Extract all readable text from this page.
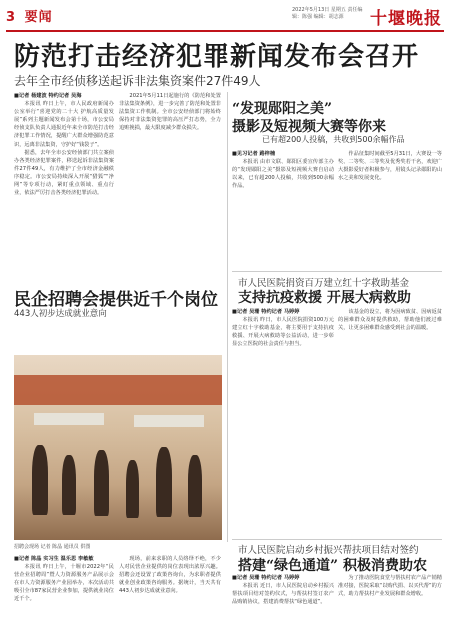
3 要闻	2022年5月13日 星期五 责任编辑：陈强 编辑：胡志源	十堰晚报
防范打击经济犯罪新闻发布会召开
去年全市经侦移送起诉非法集资案件27件49人
■记者 杨建波 特约记者 吴海
本报讯 昨日上午，市人民政府新闻办公室举行“喜迎党的二十大 护航高质量发展”系列主题新闻发布会第十场，市公安局经侦支队负责人通报近年来全市防范打击经济犯罪工作情况，提醒广大群众增强防范意识，远离非法集资，守护好“钱袋子”。
据悉，去年全市公安经侦部门共立案侦办各类经济犯罪案件，移送起诉非法集资案件27件49人，有力维护了全市经济金融秩序稳定。市公安局持续深入开展“猎狐”“净网”等专项行动，紧盯重点领域、重点行业，依法严厉打击各类经济犯罪活动。
2021年5月11日起施行的《防范和处置非法集资条例》，进一步完善了防范和处置非法集资工作机制。全市公安经侦部门将始终保持对非法集资犯罪的高压严打态势，全力追赃挽损，最大限度减少群众损失。
民企招聘会提供近千个岗位
443人初步达成就业意向
招聘会现场 记者 陈晶 通讯员 供图
■记者 陈晶 实习生 温乐思 李敏敏
本报讯 昨日上午，十堰市2022年“民营企业招聘周”暨人力资源服务产品展示会在市人力资源服务产业园举办，本次活动共吸引全市87家民营企业参加，提供就业岗位近千个。
现场，前来求职的人员络绎不绝，不少人对民营企业提供的岗位表现出浓厚兴趣。招聘会还设置了政策咨询台，为求职者提供就业创业政策咨询服务。据统计，当天共有443人初步达成就业意向。
“发现郧阳之美”
摄影及短视频大赛等你来
已有超200人投稿，共收到500余幅作品
■见习记者 路梓楠
本报讯 由市文联、郧阳区委宣传部主办的“发现郧阳之美”摄影及短视频大赛自启动以来，已有超200人投稿，共收到500余幅作品。
作品征集时间截至5月31日，大赛设一等奖、二等奖、三等奖及优秀奖若干名，欢迎广大摄影爱好者积极参与，用镜头记录郧阳的山水之美和发展变化。
市人民医院捐资百万建立红十字救助基金
支持抗疫救援 开展大病救助
■记者 吴珊 特约记者 马婷婷
本报讯 昨日，市人民医院捐资100万元建立红十字救助基金，将主要用于支持抗疫救援、开展大病救助等公益活动，进一步彰显公立医院的社会责任与担当。
该基金的设立，将为因病致贫、因病返贫的困难群众及时提供救助，帮助他们渡过难关，让更多困难群众感受到社会的温暖。
市人民医院启动乡村振兴帮扶项目结对签约
搭建“绿色通道” 积极消费助农
■记者 吴珊 特约记者 马婷婷
本报讯 近日，市人民医院启动乡村振兴帮扶项目结对签约仪式，与帮扶村签订农产品购销协议，搭建消费帮扶“绿色通道”。
为了推动医院食堂与帮扶村农产品产销精准对接，医院采取“以购代捐、以买代帮”的方式，助力帮扶村产业发展和群众增收。
